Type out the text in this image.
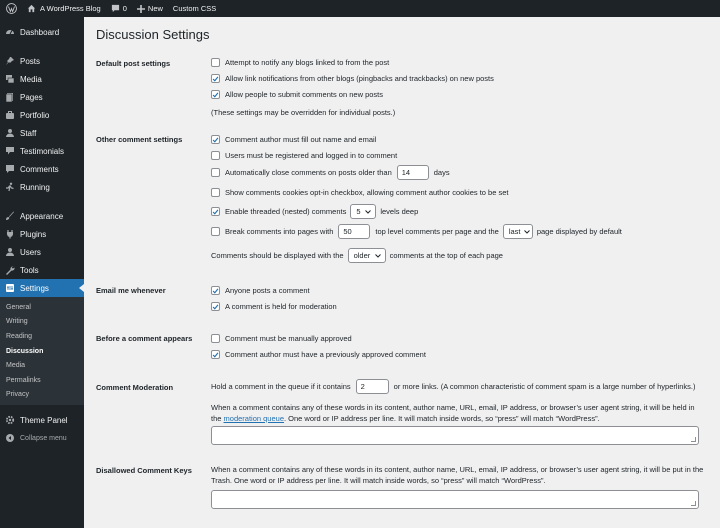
A WordPress Blog	0	New Custom CSS
Dashboard
Posts
Media
Pages
Portfolio
Staff
Testimonials
Comments
Running
Appearance
Plugins
Users
Tools
Settings
General
Writing
Reading
Discussion
Media
Permalinks
Privacy
Theme Panel
Collapse menu
Discussion Settings
Default post settings	Attempt to notify any blogs linked to from the post
Allow link notifications from other blogs (pingbacks and trackbacks) on new posts
Allow people to submit comments on new posts
(These settings may be overridden for individual posts.)
Other comment settings	Comment author must fill out name and email
Users must be registered and logged in to comment
Automatically close comments on posts older than	14	days
Show comments cookies opt-in checkbox, allowing comment author cookies to be set
Enable threaded (nested) comments 5	levels deep
Break comments into pages with	50	top level comments per page and the last page displayed by default
Comments should be displayed with the older	comments at the top of each page
Email me whenever	Anyone posts a comment
A comment is held for moderation
Before a comment appears	Comment must be manually approved
Comment author must have a previously approved comment
Comment Moderation	Hold a comment in the queue if it contains	2	or more links. (A common characteristic of comment spam is a large number of hyperlinks.)
When a comment contains any of these words in its content, author name, URL, email, IP address, or browser’s user agent string, it will be held in the moderation queue. One word or IP address per line. It will match inside words, so “press” will match “WordPress”.
Disallowed Comment Keys	When a comment contains any of these words in its content, author name, URL, email, IP address, or browser’s user agent string, it will be put in the Trash. One word or IP address per line. It will match inside words, so “press” will match “WordPress”.
